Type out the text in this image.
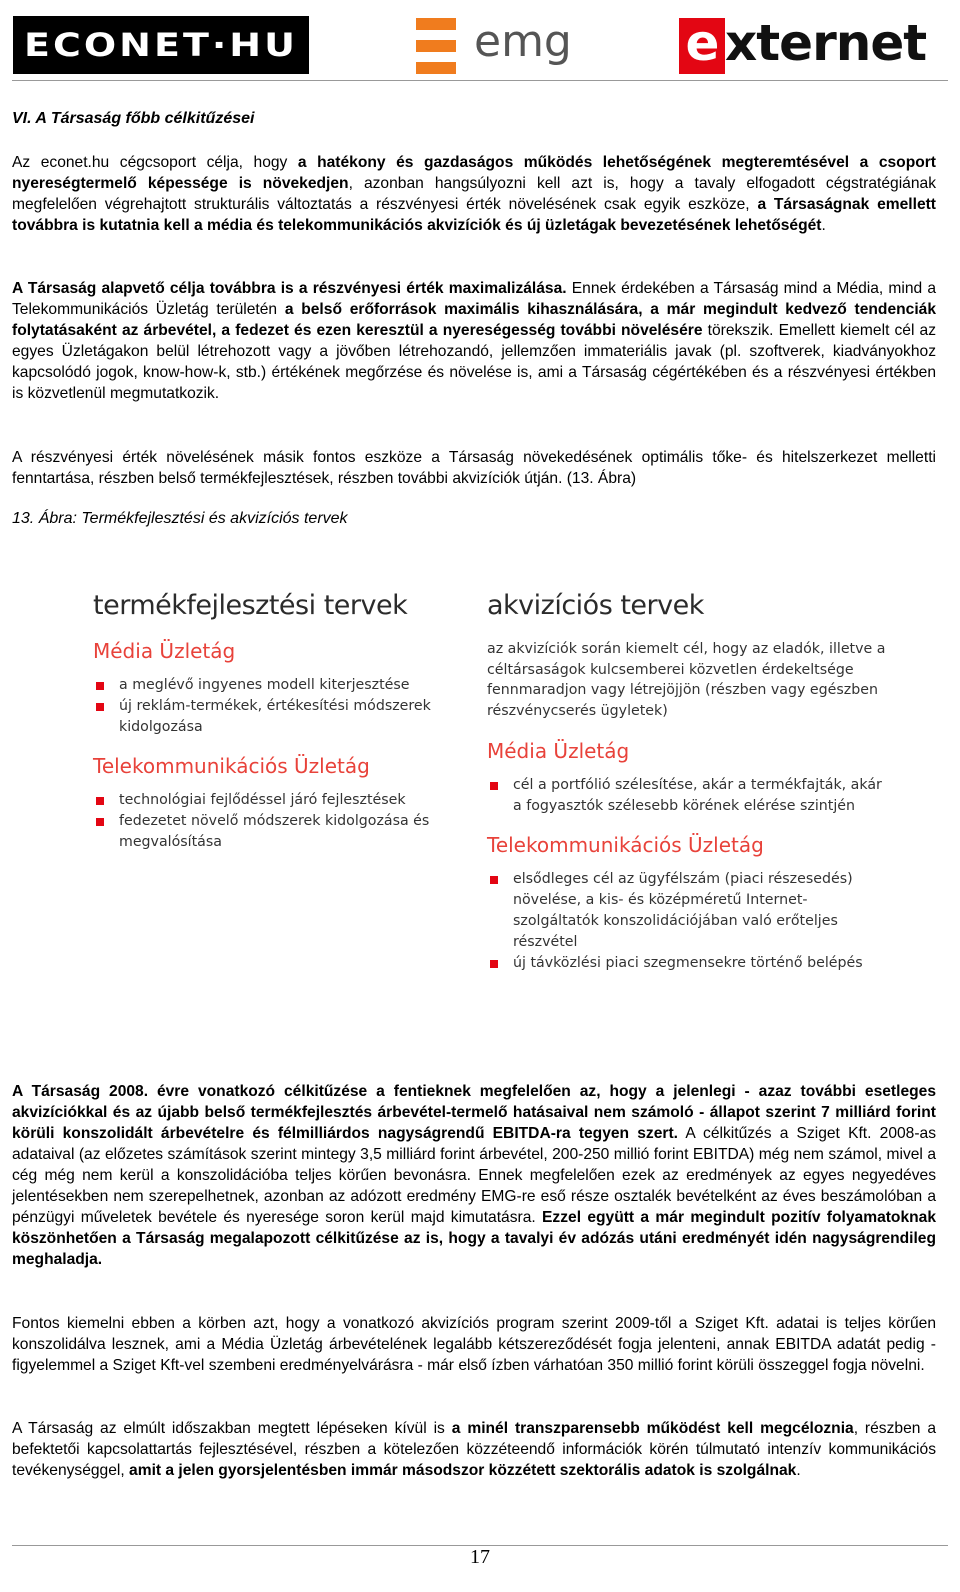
ECONET·HU	emg e xternet
VI. A Társaság főbb célkitűzései
Az econet.hu cégcsoport célja, hogy a hatékony és gazdaságos működés lehetőségének megteremtésével a csoport nyereségtermelő képessége is növekedjen, azonban hangsúlyozni kell azt is, hogy a tavaly elfogadott cégstratégiának megfelelően végrehajtott strukturális változtatás a részvényesi érték növelésének csak egyik eszköze, a Társaságnak emellett továbbra is kutatnia kell a média és telekommunikációs akvizíciók és új üzletágak bevezetésének lehetőségét.
A Társaság alapvető célja továbbra is a részvényesi érték maximalizálása. Ennek érdekében a Társaság mind a Média, mind a Telekommunikációs Üzletág területén a belső erőforrások maximális kihasználására, a már megindult kedvező tendenciák folytatásaként az árbevétel, a fedezet és ezen keresztül a nyereségesség további növelésére törekszik. Emellett kiemelt cél az egyes Üzletágakon belül létrehozott vagy a jövőben létrehozandó, jellemzően immateriális javak (pl. szoftverek, kiadványokhoz kapcsolódó jogok, know-how-k, stb.) értékének megőrzése és növelése is, ami a Társaság cégértékében és a részvényesi értékben is közvetlenül megmutatkozik.
A részvényesi érték növelésének másik fontos eszköze a Társaság növekedésének optimális tőke- és hitelszerkezet melletti fenntartása, részben belső termékfejlesztések, részben további akvizíciók útján. (13. Ábra)
13. Ábra: Termékfejlesztési és akvizíciós tervek
termékfejlesztési tervek
Média Üzletág
a meglévő ingyenes modell kiterjesztése
új reklám-termékek, értékesítési módszerek kidolgozása
Telekommunikációs Üzletág
technológiai fejlődéssel járó fejlesztések
fedezetet növelő módszerek kidolgozása és megvalósítása
akvizíciós tervek
az akvizíciók során kiemelt cél, hogy az eladók, illetve a céltársaságok kulcsemberei közvetlen érdekeltsége fennmaradjon vagy létrejöjjön (részben vagy egészben részvénycserés ügyletek)
Média Üzletág
cél a portfólió szélesítése, akár a termékfajták, akár a fogyasztók szélesebb körének elérése szintjén
Telekommunikációs Üzletág
elsődleges cél az ügyfélszám (piaci részesedés) növelése, a kis- és középméretű Internet-szolgáltatók konszolidációjában való erőteljes részvétel
új távközlési piaci szegmensekre történő belépés
A Társaság 2008. évre vonatkozó célkitűzése a fentieknek megfelelően az, hogy a jelenlegi - azaz további esetleges akvizíciókkal és az újabb belső termékfejlesztés árbevétel-termelő hatásaival nem számoló - állapot szerint 7 milliárd forint körüli konszolidált árbevételre és félmilliárdos nagyságrendű EBITDA-ra tegyen szert. A célkitűzés a Sziget Kft. 2008-as adataival (az előzetes számítások szerint mintegy 3,5 milliárd forint árbevétel, 200-250 millió forint EBITDA) még nem számol, mivel a cég még nem kerül a konszolidációba teljes körűen bevonásra. Ennek megfelelően ezek az eredmények az egyes negyedéves jelentésekben nem szerepelhetnek, azonban az adózott eredmény EMG-re eső része osztalék bevételként az éves beszámolóban a pénzügyi műveletek bevétele és nyeresége soron kerül majd kimutatásra. Ezzel együtt a már megindult pozitív folyamatoknak köszönhetően a Társaság megalapozott célkitűzése az is, hogy a tavalyi év adózás utáni eredményét idén nagyságrendileg meghaladja.
Fontos kiemelni ebben a körben azt, hogy a vonatkozó akvizíciós program szerint 2009-től a Sziget Kft. adatai is teljes körűen konszolidálva lesznek, ami a Média Üzletág árbevételének legalább kétszereződését fogja jelenteni, annak EBITDA adatát pedig - figyelemmel a Sziget Kft-vel szembeni eredményelvárásra - már első ízben várhatóan 350 millió forint körüli összeggel fogja növelni.
A Társaság az elmúlt időszakban megtett lépéseken kívül is a minél transzparensebb működést kell megcéloznia, részben a befektetői kapcsolattartás fejlesztésével, részben a kötelezően közzéteendő információk körén túlmutató intenzív kommunikációs tevékenységgel, amit a jelen gyorsjelentésben immár másodszor közzétett szektorális adatok is szolgálnak.
17
